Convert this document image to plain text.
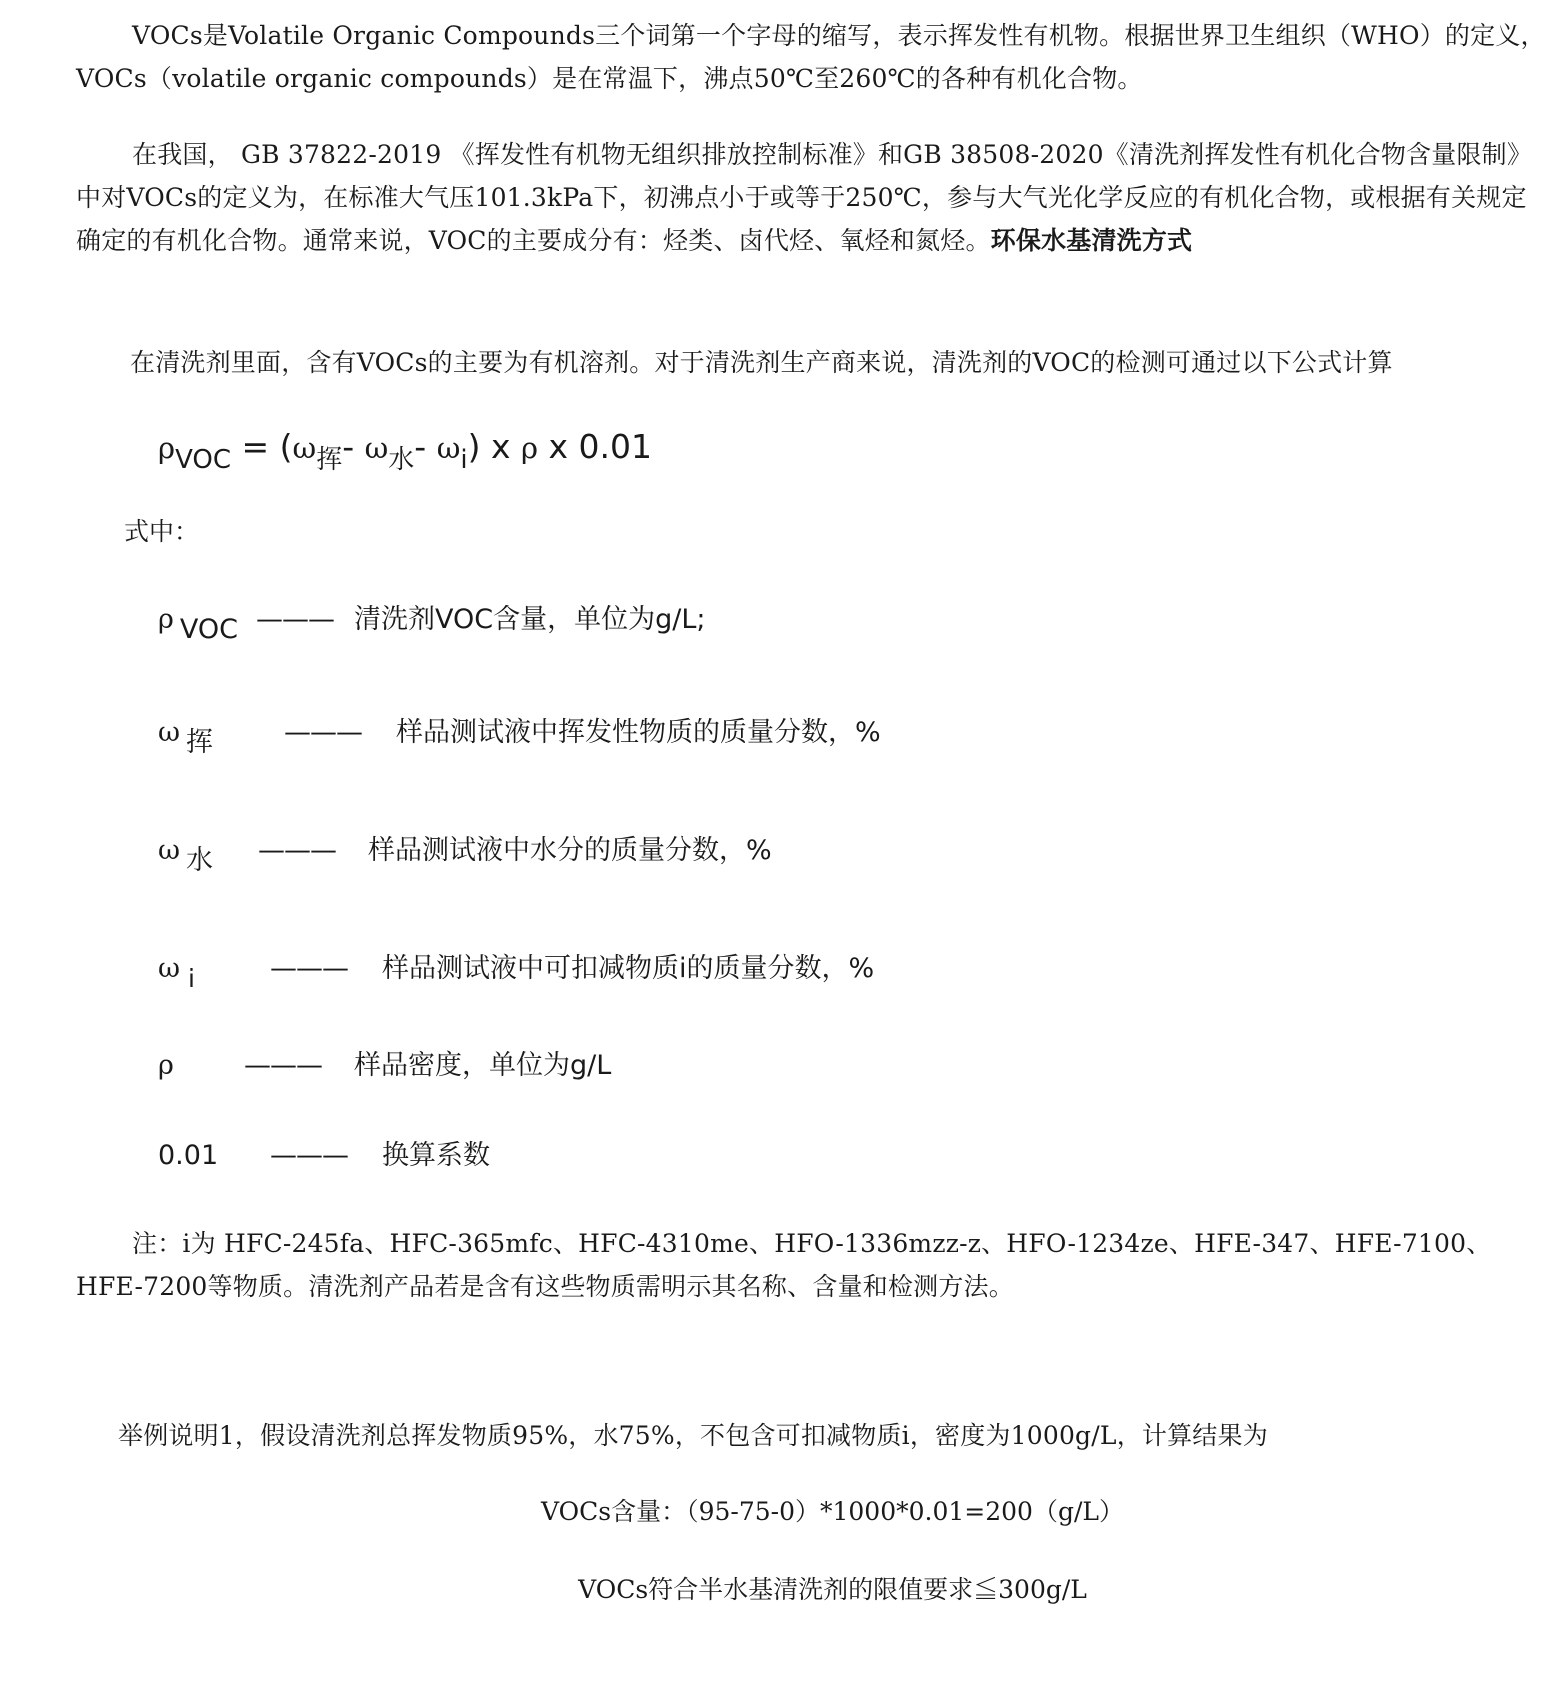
VOCs是Volatile Organic Compounds三个词第一个字母的缩写，表示挥发性有机物。根据世界卫生组织（WHO）的定义，VOCs（volatile organic compounds）是在常温下，沸点50℃至260℃的各种有机化合物。
在我国， GB 37822-2019 《挥发性有机物无组织排放控制标准》和GB 38508-2020《清洗剂挥发性有机化合物含量限制》中对VOCs的定义为，在标准大气压101.3kPa下，初沸点小于或等于250℃，参与大气光化学反应的有机化合物，或根据有关规定确定的有机化合物。通常来说，VOC的主要成分有：烃类、卤代烃、氧烃和氮烃。环保水基清洗方式
在清洗剂里面，含有VOCs的主要为有机溶剂。对于清洗剂生产商来说，清洗剂的VOC的检测可通过以下公式计算
$\rho_{VOC} = (\omega_挥-$ $\omega_水-$ $\omega_i$) x ρ x 0.01
式中：
ρ VOC ——— 清洗剂VOC含量，单位为g/L;
ω 挥	——— 样品测试液中挥发性物质的质量分数，%
ω 水 ——— 样品测试液中水分的质量分数，%
ω i	——— 样品测试液中可扣减物质i的质量分数，%
ρ	——— 样品密度，单位为g/L
0.01 ——— 换算系数
注：i为 HFC-245fa、HFC-365mfc、HFC-4310me、HFO-1336mzz-z、HFO-1234ze、HFE-347、HFE-7100、HFE-7200等物质。清洗剂产品若是含有这些物质需明示其名称、含量和检测方法。
举例说明1，假设清洗剂总挥发物质95%，水75%，不包含可扣减物质i，密度为1000g/L，计算结果为
VOCs含量：（95-75-0）*1000*0.01=200（g/L）
VOCs符合半水基清洗剂的限值要求≦300g/L
